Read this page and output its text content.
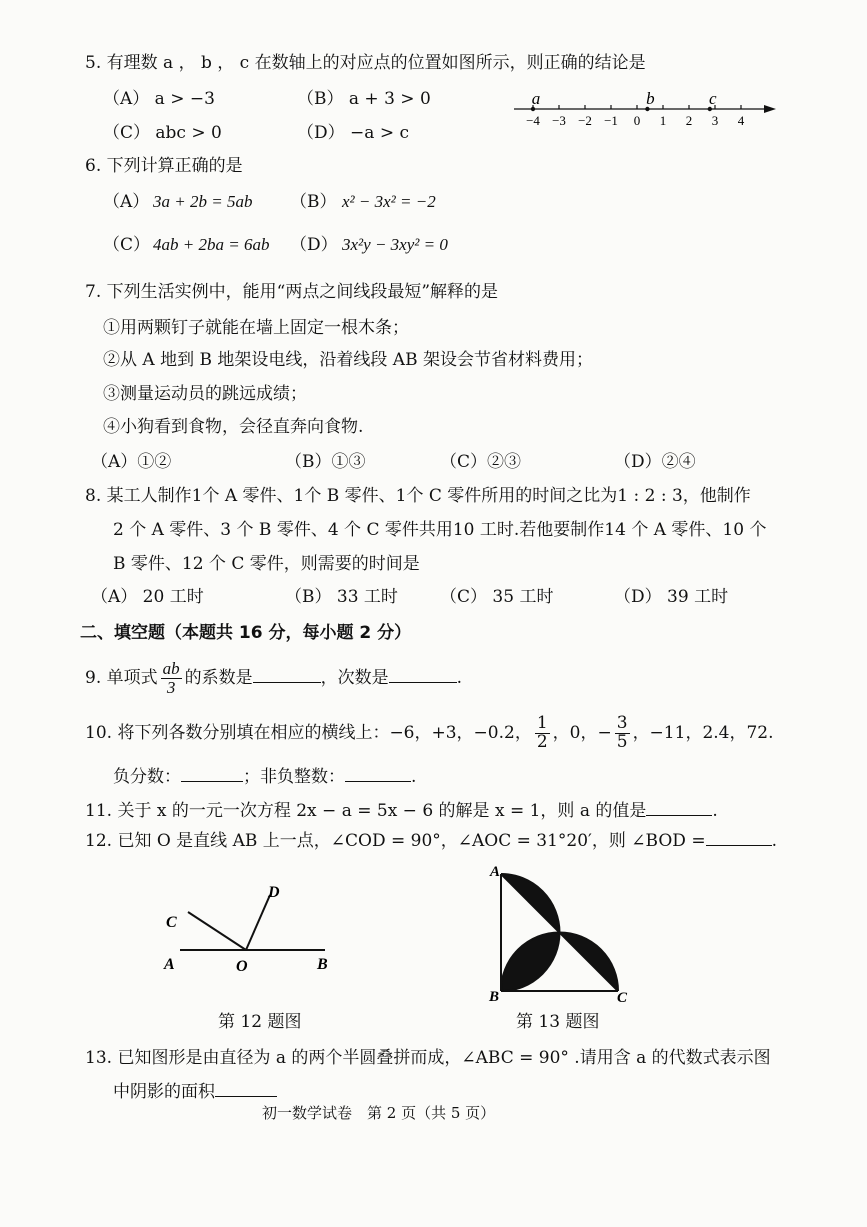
5. 有理数 a ， b ， c 在数轴上的对应点的位置如图所示，则正确的结论是
（A） a > −3	（B） a + 3 > 0
（C） abc > 0	（D） −a > c
−4 −3 −2 −1 0 1 2 3 4
a	b	c
6. 下列计算正确的是
（A） 3a + 2b = 5ab （B） x² − 3x² = −2
（C） 4ab + 2ba = 6ab （D） 3x²y − 3xy² = 0
7. 下列生活实例中，能用“两点之间线段最短”解释的是
①用两颗钉子就能在墙上固定一根木条；
②从 A 地到 B 地架设电线，沿着线段 AB 架设会节省材料费用；
③测量运动员的跳远成绩；
④小狗看到食物，会径直奔向食物.
（A）①②	（B）①③	（C）②③	（D）②④
8. 某工人制作1个 A 零件、1个 B 零件、1个 C 零件所用的时间之比为1 : 2 : 3，他制作
2 个 A 零件、3 个 B 零件、4 个 C 零件共用10 工时.若他要制作14 个 A 零件、10 个
B 零件、12 个 C 零件，则需要的时间是
（A） 20 工时	（B） 33 工时 （C） 35 工时	（D） 39 工时
二、填空题（本题共 16 分，每小题 2 分）
9. 单项式 $\frac{ab}{3}$ 的系数是	，次数是	.
10. 将下列各数分别填在相应的横线上：−6，+3，−0.2， $\frac{1}{2}$ ，0，− $\frac{3}{5}$ ，−11，2.4，72.
负分数：	；非负整数：	.
11. 关于 x 的一元一次方程 2x − a = 5x − 6 的解是 x = 1，则 a 的值是	.
12. 已知 O 是直线 AB 上一点，∠COD = 90°，∠AOC = 31°20′，则 ∠BOD =	.
C
D
A	O	B
第 12 题图
A
B	C
第 13 题图
13. 已知图形是由直径为 a 的两个半圆叠拼而成，∠ABC = 90° .请用含 a 的代数式表示图
中阴影的面积
初一数学试卷　第 2 页（共 5 页）
